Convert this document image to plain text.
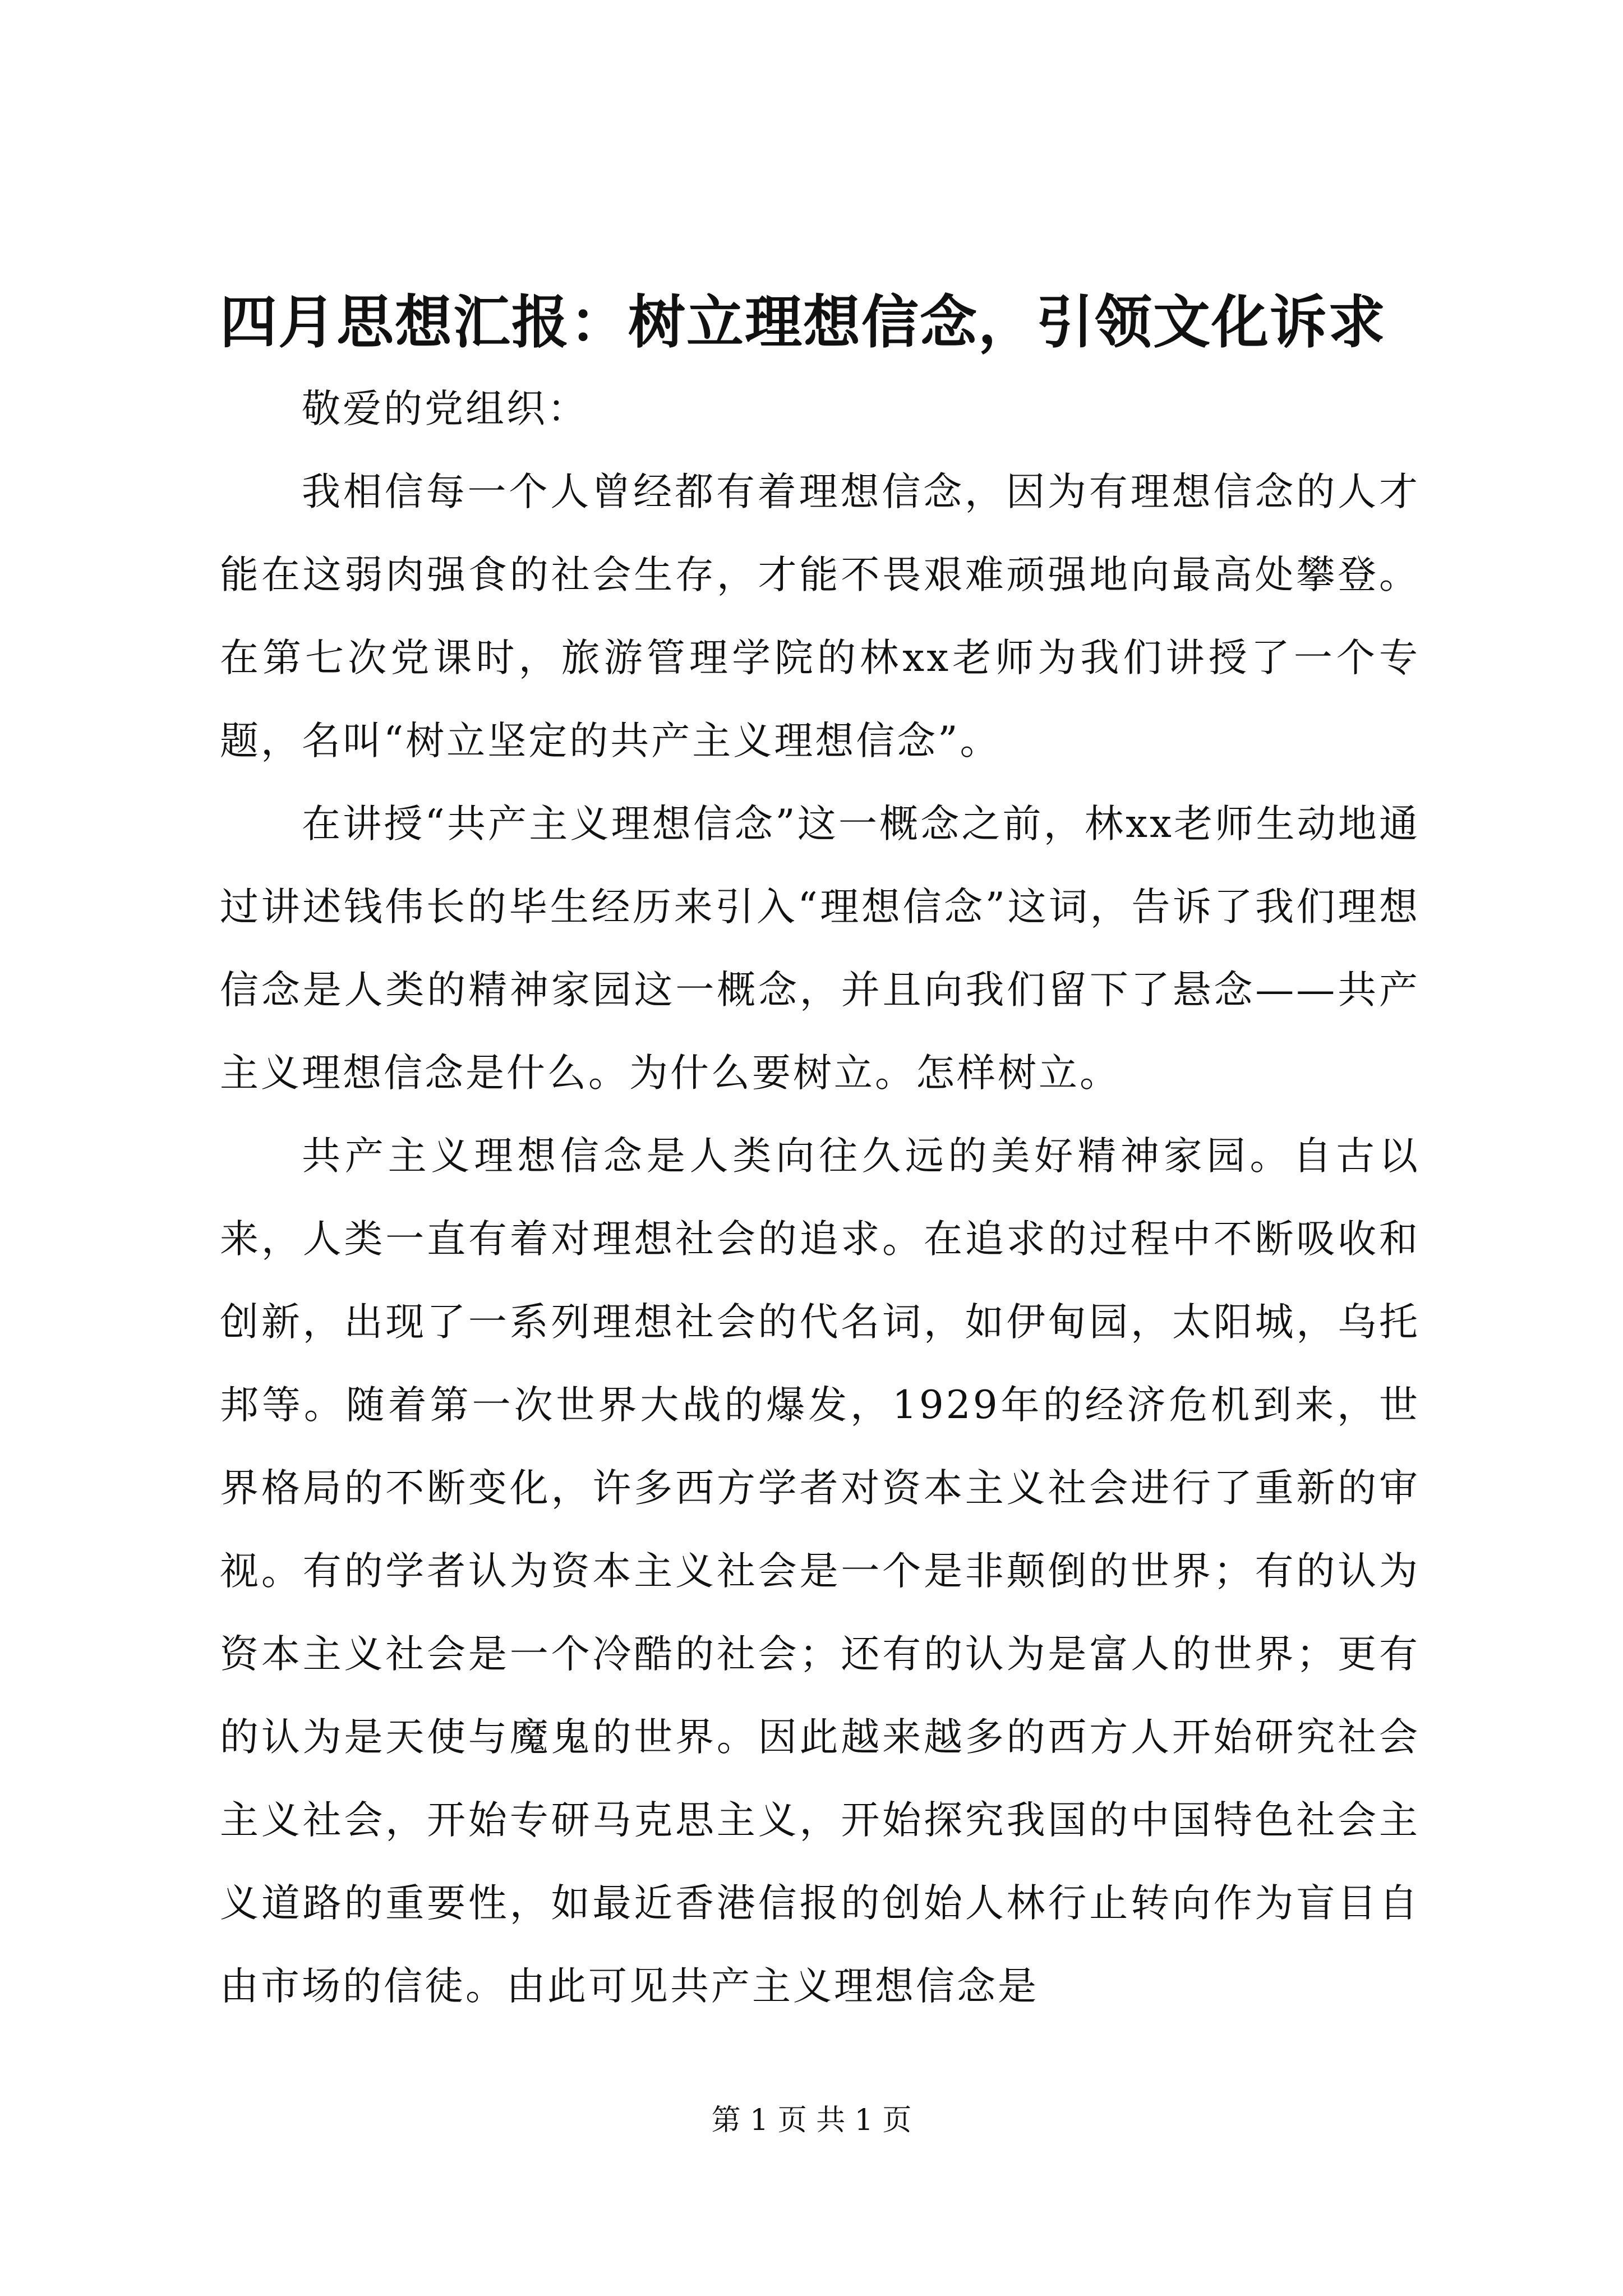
四月思想汇报：树立理想信念，引领文化诉求

敬爱的党组织：

我相信每一个人曾经都有着理想信念，因为有理想信念的人才能在这弱肉强食的社会生存，才能不畏艰难顽强地向最高处攀登。在第七次党课时，旅游管理学院的林xx老师为我们讲授了一个专题，名叫“树立坚定的共产主义理想信念”。

在讲授“共产主义理想信念”这一概念之前，林xx老师生动地通过讲述钱伟长的毕生经历来引入“理想信念”这词，告诉了我们理想信念是人类的精神家园这一概念，并且向我们留下了悬念——共产主义理想信念是什么。为什么要树立。怎样树立。

共产主义理想信念是人类向往久远的美好精神家园。自古以来，人类一直有着对理想社会的追求。在追求的过程中不断吸收和创新，出现了一系列理想社会的代名词，如伊甸园，太阳城，乌托邦等。随着第一次世界大战的爆发，1929年的经济危机到来，世界格局的不断变化，许多西方学者对资本主义社会进行了重新的审视。有的学者认为资本主义社会是一个是非颠倒的世界；有的认为资本主义社会是一个冷酷的社会；还有的认为是富人的世界；更有的认为是天使与魔鬼的世界。因此越来越多的西方人开始研究社会主义社会，开始专研马克思主义，开始探究我国的中国特色社会主义道路的重要性，如最近香港信报的创始人林行止转向作为盲目自由市场的信徒。由此可见共产主义理想信念是

第 1 页 共 1 页
